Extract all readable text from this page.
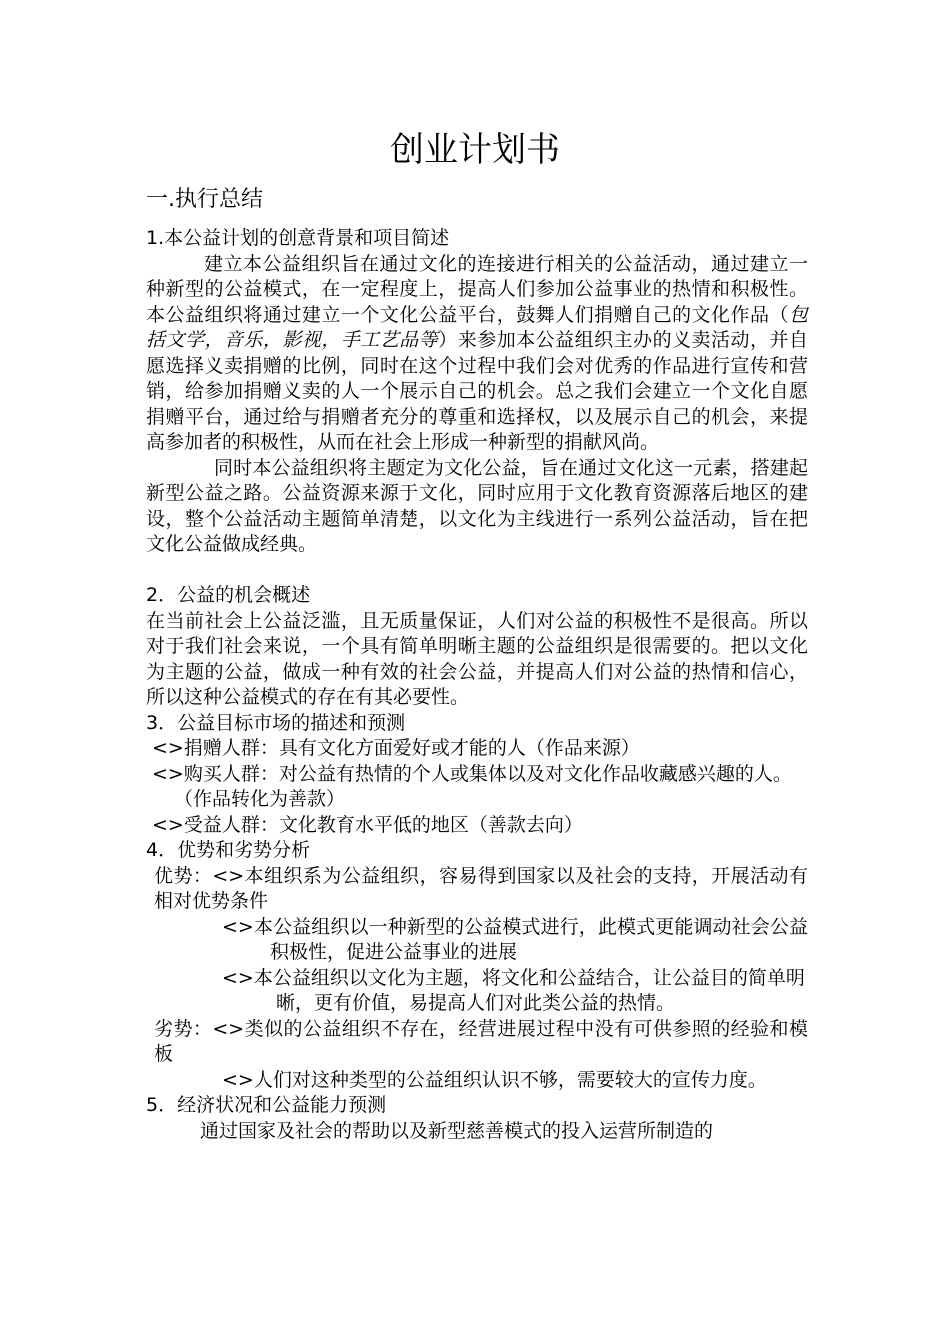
创业计划书
一.执行总结

1.本公益计划的创意背景和项目简述

建立本公益组织旨在通过文化的连接进行相关的公益活动，通过建立一种新型的公益模式，在一定程度上，提高人们参加公益事业的热情和积极性。本公益组织将通过建立一个文化公益平台，鼓舞人们捐赠自己的文化作品（包括文学，音乐，影视，手工艺品等）来参加本公益组织主办的义卖活动，并自愿选择义卖捐赠的比例，同时在这个过程中我们会对优秀的作品进行宣传和营销，给参加捐赠义卖的人一个展示自己的机会。总之我们会建立一个文化自愿捐赠平台，通过给与捐赠者充分的尊重和选择权，以及展示自己的机会，来提高参加者的积极性，从而在社会上形成一种新型的捐献风尚。

同时本公益组织将主题定为文化公益，旨在通过文化这一元素，搭建起新型公益之路。公益资源来源于文化，同时应用于文化教育资源落后地区的建设，整个公益活动主题简单清楚，以文化为主线进行一系列公益活动，旨在把文化公益做成经典。

2．公益的机会概述

在当前社会上公益泛滥，且无质量保证，人们对公益的积极性不是很高。所以对于我们社会来说，一个具有简单明晰主题的公益组织是很需要的。把以文化为主题的公益，做成一种有效的社会公益，并提高人们对公益的热情和信心，所以这种公益模式的存在有其必要性。

3．公益目标市场的描述和预测

<>捐赠人群：具有文化方面爱好或才能的人（作品来源）

<>购买人群：对公益有热情的个人或集体以及对文化作品收藏感兴趣的人。（作品转化为善款）

<>受益人群：文化教育水平低的地区（善款去向）

4．优势和劣势分析

优势：<>本组织系为公益组织，容易得到国家以及社会的支持，开展活动有相对优势条件

<>本公益组织以一种新型的公益模式进行，此模式更能调动社会公益积极性，促进公益事业的进展

<>本公益组织以文化为主题，将文化和公益结合，让公益目的简单明晰，更有价值，易提高人们对此类公益的热情。

劣势：<>类似的公益组织不存在，经营进展过程中没有可供参照的经验和模板

<>人们对这种类型的公益组织认识不够，需要较大的宣传力度。

5．经济状况和公益能力预测

通过国家及社会的帮助以及新型慈善模式的投入运营所制造的
